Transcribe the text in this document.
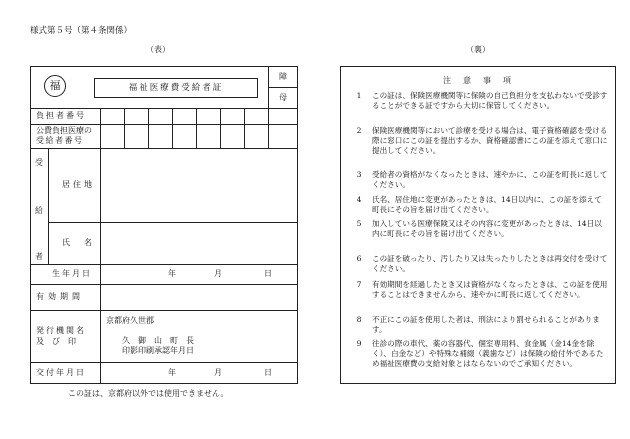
様式第５号（第４条関係）
（表）	（裏）
福	福祉医療費受給者証
障
母
負担者番号
公費負担医療の
受給者番号
受
給
者
居住地
氏　名
生年月日	年	月	日
有効期間
発行機関名
及　び　印
京都府久世郡
久　御　山　町　長
印影印刷承認年月日
交付年月日	年	月	日
この証は、京都府以外では使用できません。
注　意　事　項
1	この証は、保険医療機関等に保険の自己負担分を支払わないで受診することができる証ですから大切に保管してください。
2	保険医療機関等において診療を受ける場合は、電子資格確認を受ける際に窓口にこの証を提出するか、資格確認書にこの証を添えて窓口に提出してください。
3	受給者の資格がなくなったときは、速やかに、この証を町長に返してください。
4	氏名、居住地に変更があったときは、14日以内に、この証を添えて町長にその旨を届け出てください。
5	加入している医療保険又はその内容に変更があったときは、14日以内に町長にその旨を届け出てください。
6	この証を破ったり、汚したり又は失ったりしたときは再交付を受けてください。
7	有効期間を経過したとき又は資格がなくなったときは、この証を使用することはできませんから、速やかに町長に返してください。
8	不正にこの証を使用した者は、刑法により罰せられることがあります。
9	往診の際の車代、薬の容器代、個室専用料、食金属（金14金を除く）、白金など）や特殊な補綴（義歯など）は保険の給付外であるため福祉医療費の支給対象とはならないのでご承知ください。
